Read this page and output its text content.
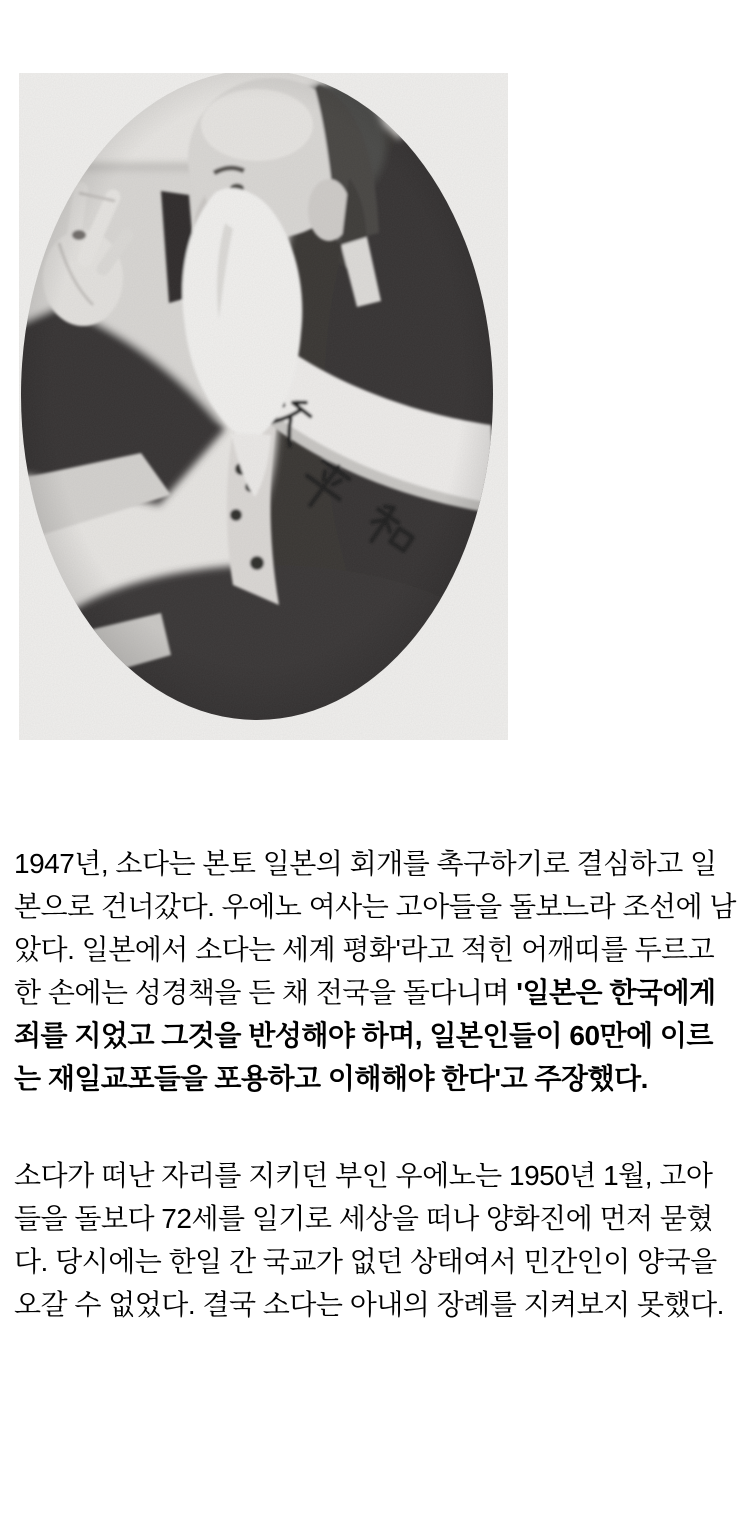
1947년, 소다는 본토 일본의 회개를 촉구하기로 결심하고 일본으로 건너갔다. 우에노 여사는 고아들을 돌보느라 조선에 남았다. 일본에서 소다는 세계 평화'라고 적힌 어깨띠를 두르고 한 손에는 성경책을 든 채 전국을 돌다니며 '일본은 한국에게 죄를 지었고 그것을 반성해야 하며, 일본인들이 60만에 이르는 재일교포들을 포용하고 이해해야 한다'고 주장했다.

소다가 떠난 자리를 지키던 부인 우에노는 1950년 1월, 고아들을 돌보다 72세를 일기로 세상을 떠나 양화진에 먼저 묻혔다. 당시에는 한일 간 국교가 없던 상태여서 민간인이 양국을 오갈 수 없었다. 결국 소다는 아내의 장례를 지켜보지 못했다.
